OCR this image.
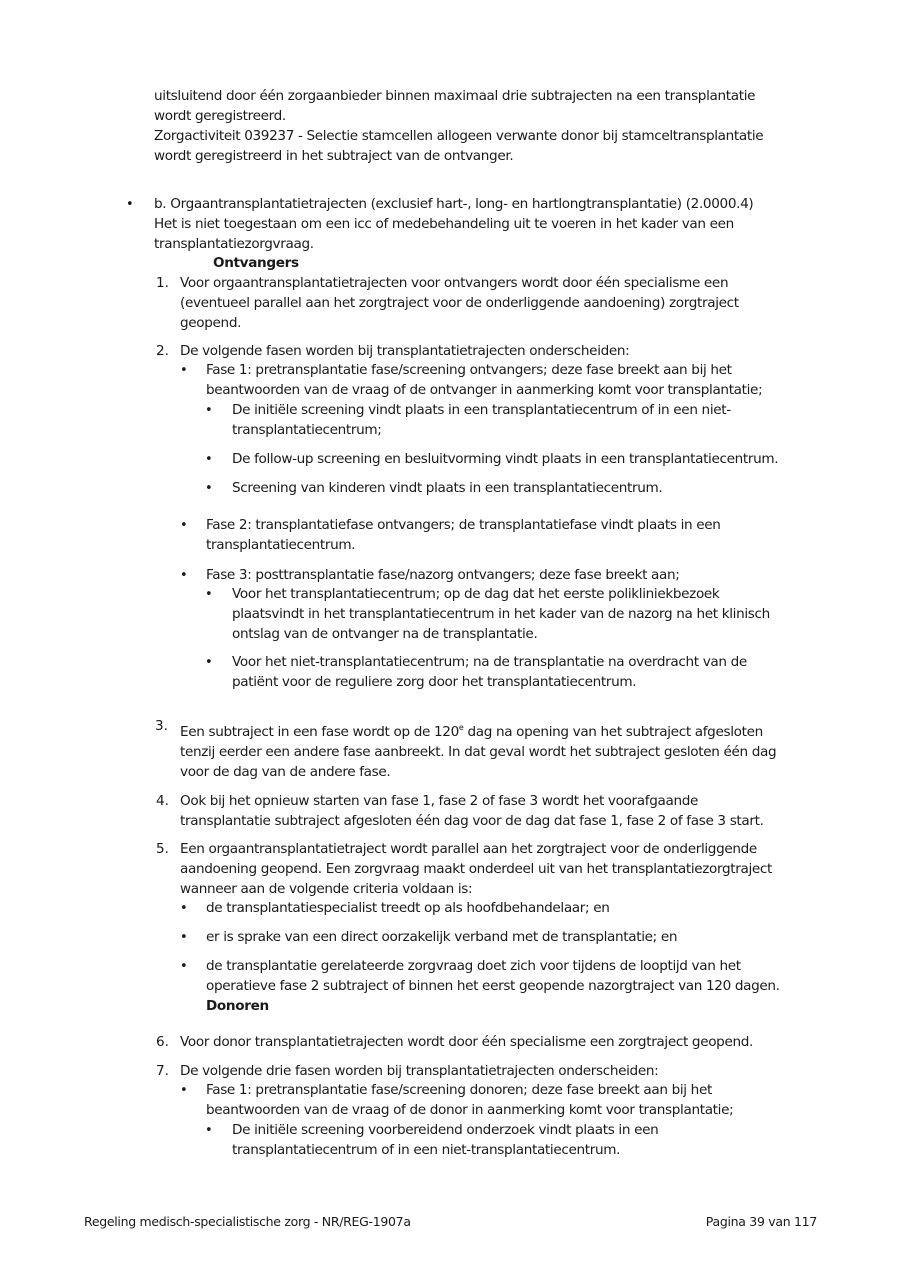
uitsluitend door één zorgaanbieder binnen maximaal drie subtrajecten na een transplantatie
wordt geregistreerd.
Zorgactiviteit 039237 - Selectie stamcellen allogeen verwante donor bij stamceltransplantatie
wordt geregistreerd in het subtraject van de ontvanger.
• b. Orgaantransplantatietrajecten (exclusief hart-, long- en hartlongtransplantatie) (2.0000.4)
Het is niet toegestaan om een icc of medebehandeling uit te voeren in het kader van een
transplantatiezorgvraag.
Ontvangers
1. Voor orgaantransplantatietrajecten voor ontvangers wordt door één specialisme een
(eventueel parallel aan het zorgtraject voor de onderliggende aandoening) zorgtraject
geopend.
2. De volgende fasen worden bij transplantatietrajecten onderscheiden:
• Fase 1: pretransplantatie fase/screening ontvangers; deze fase breekt aan bij het
beantwoorden van de vraag of de ontvanger in aanmerking komt voor transplantatie;
• De initiële screening vindt plaats in een transplantatiecentrum of in een niet-
transplantatiecentrum;
• De follow-up screening en besluitvorming vindt plaats in een transplantatiecentrum.
• Screening van kinderen vindt plaats in een transplantatiecentrum.
• Fase 2: transplantatiefase ontvangers; de transplantatiefase vindt plaats in een
transplantatiecentrum.
• Fase 3: posttransplantatie fase/nazorg ontvangers; deze fase breekt aan;
• Voor het transplantatiecentrum; op de dag dat het eerste polikliniekbezoek
plaatsvindt in het transplantatiecentrum in het kader van de nazorg na het klinisch
ontslag van de ontvanger na de transplantatie.
• Voor het niet-transplantatiecentrum; na de transplantatie na overdracht van de
patiënt voor de reguliere zorg door het transplantatiecentrum.
3. Een subtraject in een fase wordt op de 120e dag na opening van het subtraject afgesloten
tenzij eerder een andere fase aanbreekt. In dat geval wordt het subtraject gesloten één dag
voor de dag van de andere fase.
4. Ook bij het opnieuw starten van fase 1, fase 2 of fase 3 wordt het voorafgaande
transplantatie subtraject afgesloten één dag voor de dag dat fase 1, fase 2 of fase 3 start.
5. Een orgaantransplantatietraject wordt parallel aan het zorgtraject voor de onderliggende
aandoening geopend. Een zorgvraag maakt onderdeel uit van het transplantatiezorgtraject
wanneer aan de volgende criteria voldaan is:
• de transplantatiespecialist treedt op als hoofdbehandelaar; en
• er is sprake van een direct oorzakelijk verband met de transplantatie; en
• de transplantatie gerelateerde zorgvraag doet zich voor tijdens de looptijd van het
operatieve fase 2 subtraject of binnen het eerst geopende nazorgtraject van 120 dagen.
Donoren
6. Voor donor transplantatietrajecten wordt door één specialisme een zorgtraject geopend.
7. De volgende drie fasen worden bij transplantatietrajecten onderscheiden:
• Fase 1: pretransplantatie fase/screening donoren; deze fase breekt aan bij het
beantwoorden van de vraag of de donor in aanmerking komt voor transplantatie;
• De initiële screening voorbereidend onderzoek vindt plaats in een
transplantatiecentrum of in een niet-transplantatiecentrum.
Regeling medisch-specialistische zorg - NR/REG-1907a	Pagina 39 van 117
